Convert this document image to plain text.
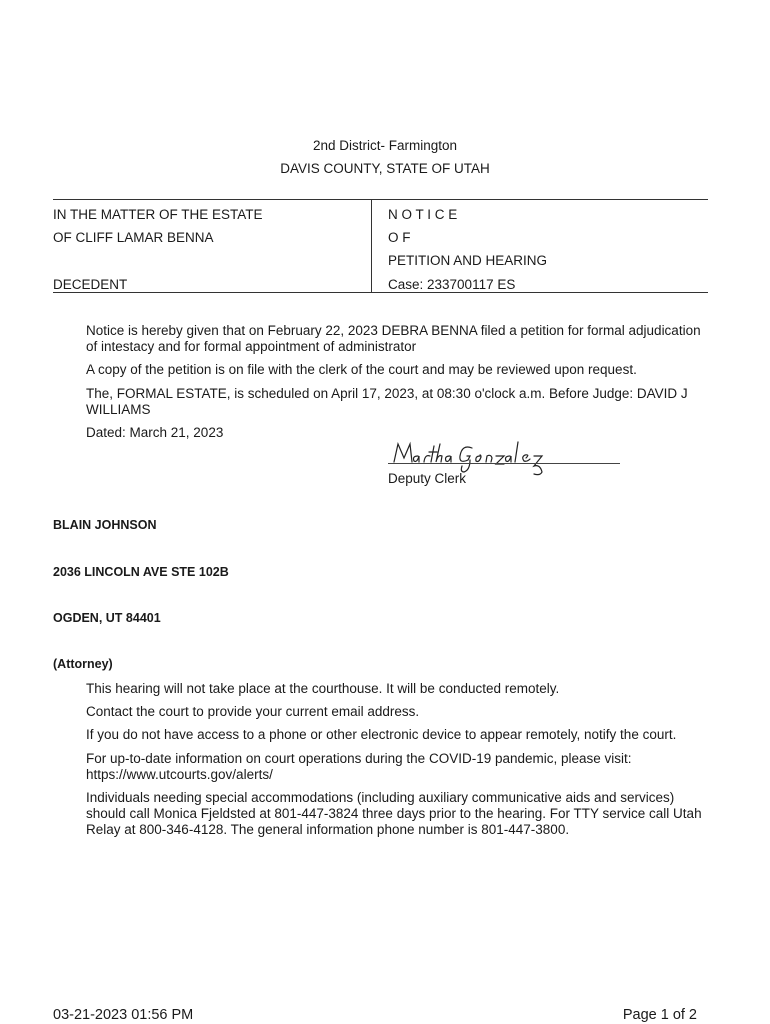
2nd District- Farmington
DAVIS COUNTY, STATE OF UTAH
IN THE MATTER OF THE ESTATE
OF CLIFF LAMAR BENNA
DECEDENT
N O T I C E
O F
PETITION AND HEARING
Case: 233700117 ES
Notice is hereby given that on February 22, 2023 DEBRA BENNA filed a petition for formal adjudication of intestacy and for formal appointment of administrator
A copy of the petition is on file with the clerk of the court and may be reviewed upon request.
The, FORMAL ESTATE, is scheduled on April 17, 2023, at 08:30 o'clock a.m. Before Judge: DAVID J WILLIAMS
Dated: March 21, 2023
Deputy Clerk
BLAIN JOHNSON
2036 LINCOLN AVE STE 102B
OGDEN, UT 84401
(Attorney)
This hearing will not take place at the courthouse. It will be conducted remotely.
Contact the court to provide your current email address.
If you do not have access to a phone or other electronic device to appear remotely, notify the court.
For up-to-date information on court operations during the COVID-19 pandemic, please visit: https://www.utcourts.gov/alerts/
Individuals needing special accommodations (including auxiliary communicative aids and services) should call Monica Fjeldsted at 801-447-3824 three days prior to the hearing. For TTY service call Utah Relay at 800-346-4128. The general information phone number is 801-447-3800.
03-21-2023 01:56 PM	Page 1 of 2
